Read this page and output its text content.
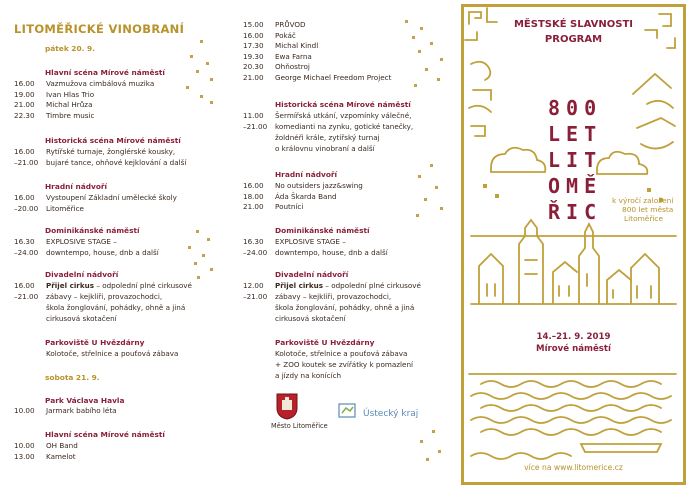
LITOMĚŘICKÉ VINOBRANÍ
pátek 20. 9.
Hlavní scéna Mírové náměstí
16.00	Vazmužova cimbálová muzika
19.00	Ivan Hlas Trio
21.00	Michal Hrůza
22.30	Timbre music
Historická scéna Mírové náměstí
16.00	Rytířské turnaje, žonglérské kousky,
–21.00	bujaré tance, ohňové kejklování a další
Hradní nádvoří
16.00	Vystoupení Základní umělecké školy
–20.00	Litoměřice
Dominikánské náměstí
16.30	EXPLOSIVE STAGE –
–24.00	downtempo, house, dnb a další
Divadelní nádvoří
16.00	Přijel cirkus – odpolední plné cirkusové
–21.00	zábavy – kejklíři, provazochodci,
škola žonglování, pohádky, ohně a jiná
cirkusová skotačení
Parkoviště U Hvězdárny
Kolotoče, střelnice a pouťová zábava
sobota 21. 9.
Park Václava Havla
10.00	Jarmark babího léta
Hlavní scéna Mírové náměstí
10.00	OH Band
13.00	Kamelot
15.00	PRŮVOD
16.00	Pokáč
17.30	Michal Kindl
19.30	Ewa Farna
20.30	Ohňostroj
21.00	George Michael Freedom Project
Historická scéna Mírové náměstí
11.00	Šermířská utkání, vzpomínky válečné,
–21.00	komedianti na zynku, gotické tanečky,
žoldnéři krále, zytířský turnaj
o královnu vinobraní a další
Hradní nádvoří
16.00	No outsiders jazz&swing
18.00	Áda Škarda Band
21.00	Poutníci
Dominikánské náměstí
16.30	EXPLOSIVE STAGE –
–24.00	downtempo, house, dnb a další
Divadelní nádvoří
12.00	Přijel cirkus – odpolední plné cirkusové
–21.00	zábavy – kejklíři, provazochodci,
škola žonglování, pohádky, ohně a jiná
cirkusová skotačení
Parkoviště U Hvězdárny
Kolotoče, střelnice a pouťová zábava
+ ZOO koutek se zvířátky k pomazlení
a jízdy na konících
Město Litoměřice
Ústecký kraj
MĚSTSKÉ SLAVNOSTI
PROGRAM
800
LET
LIT
OMĚ
ŘIC k výročí založení
800 let města
Litoměřice
14.–21. 9. 2019
Mírové náměstí
více na www.litomerice.cz
